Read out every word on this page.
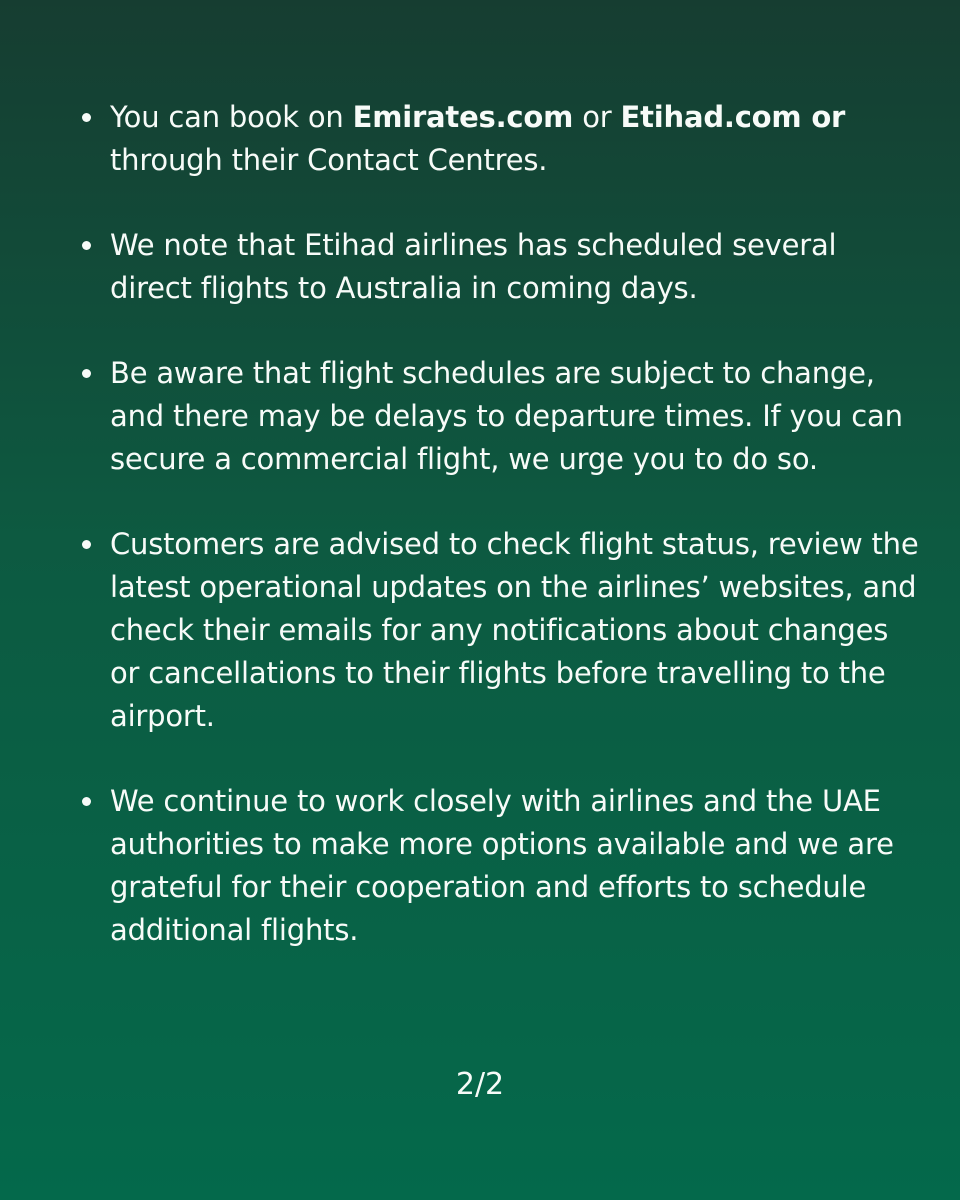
You can book on Emirates.com or Etihad.com or through their Contact Centres.
We note that Etihad airlines has scheduled several direct flights to Australia in coming days.
Be aware that flight schedules are subject to change, and there may be delays to departure times. If you can secure a commercial flight, we urge you to do so.
Customers are advised to check flight status, review the latest operational updates on the airlines’ websites, and check their emails for any notifications about changes or cancellations to their flights before travelling to the airport.
We continue to work closely with airlines and the UAE authorities to make more options available and we are grateful for their cooperation and efforts to schedule additional flights.
2/2
